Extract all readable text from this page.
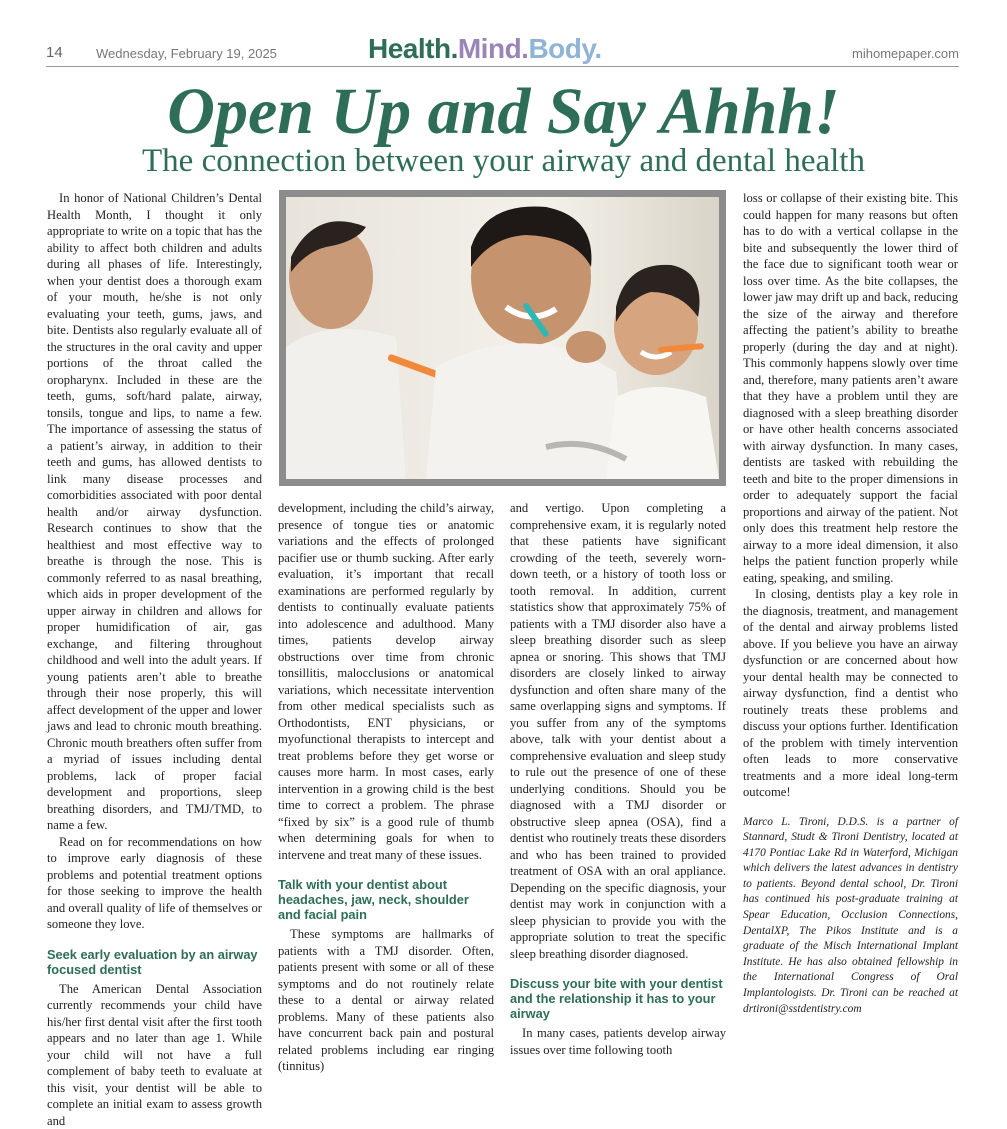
14	Wednesday, February 19, 2025	Health.Mind.Body.	mihomepaper.com
Open Up and Say Ahhh!
The connection between your airway and dental health

In honor of National Children’s Dental Health Month, I thought it only appropriate to write on a topic that has the ability to affect both children and adults during all phases of life. Interestingly, when your dentist does a thorough exam of your mouth, he/she is not only evaluating your teeth, gums, jaws, and bite. Dentists also regularly evaluate all of the structures in the oral cavity and upper portions of the throat called the oropharynx. Included in these are the teeth, gums, soft/hard palate, airway, tonsils, tongue and lips, to name a few. The importance of assessing the status of a patient’s airway, in addition to their teeth and gums, has allowed dentists to link many disease processes and comorbidities associated with poor dental health and/or airway dysfunction. Research continues to show that the healthiest and most effective way to breathe is through the nose. This is commonly referred to as nasal breathing, which aids in proper development of the upper airway in children and allows for proper humidification of air, gas exchange, and filtering throughout childhood and well into the adult years. If young patients aren’t able to breathe through their nose properly, this will affect development of the upper and lower jaws and lead to chronic mouth breathing. Chronic mouth breathers often suffer from a myriad of issues including dental problems, lack of proper facial development and proportions, sleep breathing disorders, and TMJ/TMD, to name a few.

Read on for recommendations on how to improve early diagnosis of these problems and potential treatment options for those seeking to improve the health and overall quality of life of themselves or someone they love.

Seek early evaluation by an airway focused dentist

The American Dental Association currently recommends your child have his/her first dental visit after the first tooth appears and no later than age 1. While your child will not have a full complement of baby teeth to evaluate at this visit, your dentist will be able to complete an initial exam to assess growth and

development, including the child’s airway, presence of tongue ties or anatomic variations and the effects of prolonged pacifier use or thumb sucking. After early evaluation, it’s important that recall examinations are performed regularly by dentists to continually evaluate patients into adolescence and adulthood. Many times, patients develop airway obstructions over time from chronic tonsillitis, malocclusions or anatomical variations, which necessitate intervention from other medical specialists such as Orthodontists, ENT physicians, or myofunctional therapists to intercept and treat problems before they get worse or causes more harm. In most cases, early intervention in a growing child is the best time to correct a problem. The phrase “fixed by six” is a good rule of thumb when determining goals for when to intervene and treat many of these issues.

Talk with your dentist about headaches, jaw, neck, shoulder and facial pain

These symptoms are hallmarks of patients with a TMJ disorder. Often, patients present with some or all of these symptoms and do not routinely relate these to a dental or airway related problems. Many of these patients also have concurrent back pain and postural related problems including ear ringing (tinnitus)

and vertigo. Upon completing a comprehensive exam, it is regularly noted that these patients have significant crowding of the teeth, severely worn-down teeth, or a history of tooth loss or tooth removal. In addition, current statistics show that approximately 75% of patients with a TMJ disorder also have a sleep breathing disorder such as sleep apnea or snoring. This shows that TMJ disorders are closely linked to airway dysfunction and often share many of the same overlapping signs and symptoms. If you suffer from any of the symptoms above, talk with your dentist about a comprehensive evaluation and sleep study to rule out the presence of one of these underlying conditions. Should you be diagnosed with a TMJ disorder or obstructive sleep apnea (OSA), find a dentist who routinely treats these disorders and who has been trained to provided treatment of OSA with an oral appliance. Depending on the specific diagnosis, your dentist may work in conjunction with a sleep physician to provide you with the appropriate solution to treat the specific sleep breathing disorder diagnosed.

Discuss your bite with your dentist and the relationship it has to your airway

In many cases, patients develop airway issues over time following tooth

loss or collapse of their existing bite. This could happen for many reasons but often has to do with a vertical collapse in the bite and subsequently the lower third of the face due to significant tooth wear or loss over time. As the bite collapses, the lower jaw may drift up and back, reducing the size of the airway and therefore affecting the patient’s ability to breathe properly (during the day and at night). This commonly happens slowly over time and, therefore, many patients aren’t aware that they have a problem until they are diagnosed with a sleep breathing disorder or have other health concerns associated with airway dysfunction. In many cases, dentists are tasked with rebuilding the teeth and bite to the proper dimensions in order to adequately support the facial proportions and airway of the patient. Not only does this treatment help restore the airway to a more ideal dimension, it also helps the patient function properly while eating, speaking, and smiling.

In closing, dentists play a key role in the diagnosis, treatment, and management of the dental and airway problems listed above. If you believe you have an airway dysfunction or are concerned about how your dental health may be connected to airway dysfunction, find a dentist who routinely treats these problems and discuss your options further. Identification of the problem with timely intervention often leads to more conservative treatments and a more ideal long-term outcome!

Marco L. Tironi, D.D.S. is a partner of Stannard, Studt & Tironi Dentistry, located at 4170 Pontiac Lake Rd in Waterford, Michigan which delivers the latest advances in dentistry to patients. Beyond dental school, Dr. Tironi has continued his post-graduate training at Spear Education, Occlusion Connections, DentalXP, The Pikos Institute and is a graduate of the Misch International Implant Institute. He has also obtained fellowship in the International Congress of Oral Implantologists. Dr. Tironi can be reached at drtironi@sstdentistry.com
